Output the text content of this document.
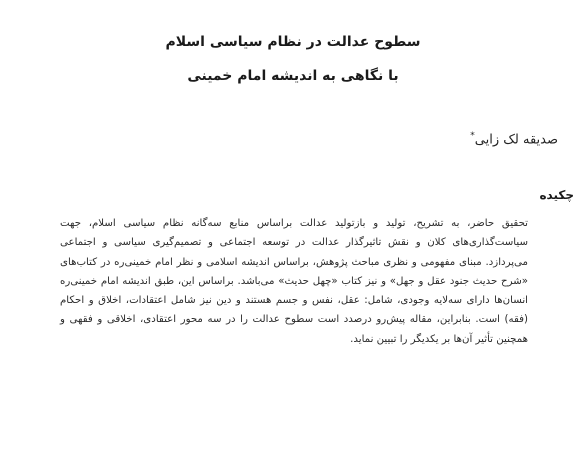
سطوح عدالت در نظام سیاسی اسلام
با نگاهی به اندیشه امام خمینی

صدیقه لک زایی*

چکیده

تحقیق حاضر، به تشریح، تولید و بازتولید عدالت براساس منابع سه‌گانه نظام سیاسی اسلام، جهت سیاست‌گذاری‌های کلان و نقش تاثیرگذار عدالت در توسعه اجتماعی و تصمیم‌گیری سیاسی و اجتماعی می‌پردازد. مبنای مفهومی و نظری مباحث پژوهش، براساس اندیشه اسلامی و نظر امام خمینی‌ره در کتاب‌های «شرح حدیث جنود عقل و جهل» و نیز کتاب «چهل حدیث» می‌باشد. براساس این، طبق اندیشه امام خمینی‌ره انسان‌ها دارای سه‌لایه وجودی، شامل: عقل، نفس و جسم هستند و دین نیز شامل اعتقادات، اخلاق و احکام (فقه) است. بنابراین، مقاله پیش‌رو درصدد است سطوح عدالت را در سه محور اعتقادی، اخلاقی و فقهی و همچنین تأثیر آن‌ها بر یکدیگر را تبیین نماید.
